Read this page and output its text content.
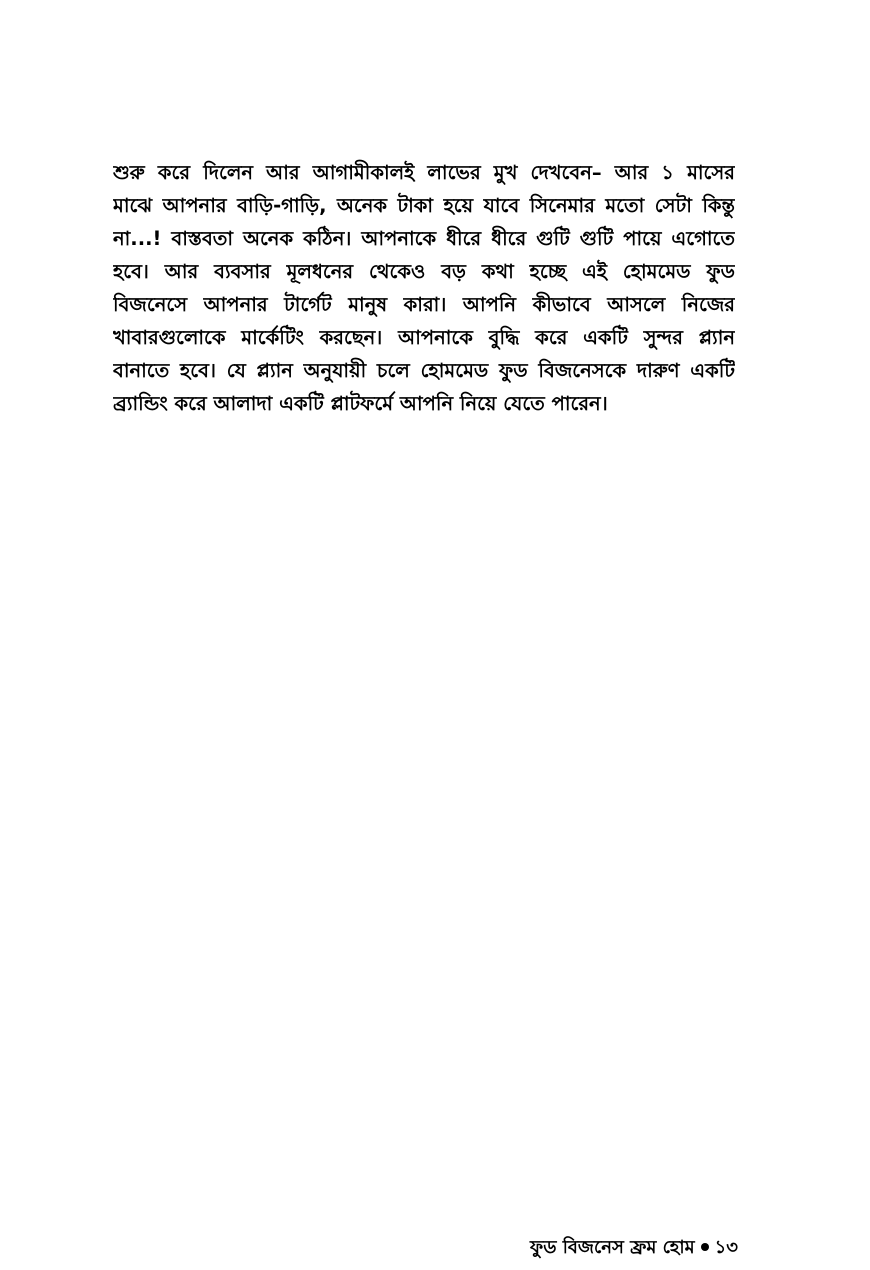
শুরু করে দিলেন আর আগামীকালই লাভের মুখ দেখবেন– আর ১ মাসের
মাঝে আপনার বাড়ি-গাড়ি, অনেক টাকা হয়ে যাবে সিনেমার মতো সেটা কিন্তু
না...! বাস্তবতা অনেক কঠিন। আপনাকে ধীরে ধীরে গুটি গুটি পায়ে এগোতে
হবে। আর ব্যবসার মূলধনের থেকেও বড় কথা হচ্ছে এই হোমমেড ফুড
বিজনেসে আপনার টার্গেট মানুষ কারা। আপনি কীভাবে আসলে নিজের
খাবারগুলোকে মার্কেটিং করছেন। আপনাকে বুদ্ধি করে একটি সুন্দর প্ল্যান
বানাতে হবে। যে প্ল্যান অনুযায়ী চলে হোমমেড ফুড বিজনেসকে দারুণ একটি
ব্র্যান্ডিং করে আলাদা একটি প্লাটফর্মে আপনি নিয়ে যেতে পারেন।
ফুড বিজনেস ফ্রম হোম ১৩
